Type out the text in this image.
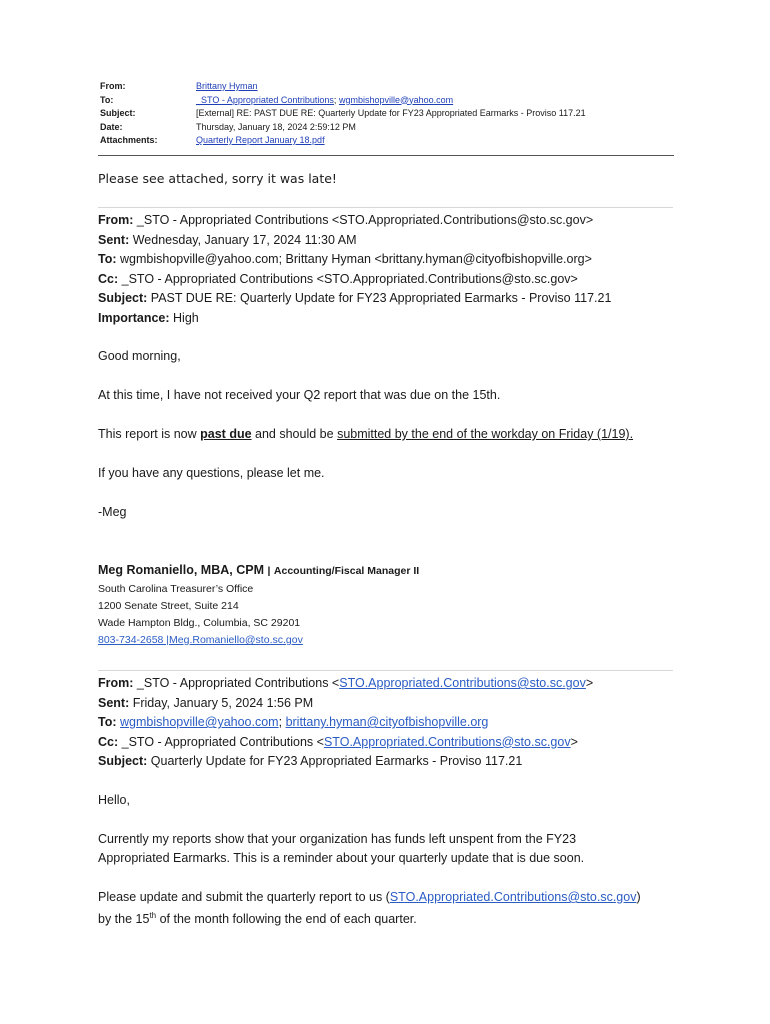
From:	Brittany Hyman
To:	_STO - Appropriated Contributions; wgmbishopville@yahoo.com
Subject:	[External] RE: PAST DUE RE: Quarterly Update for FY23 Appropriated Earmarks - Proviso 117.21
Date:	Thursday, January 18, 2024 2:59:12 PM
Attachments:	Quarterly Report January 18.pdf
Please see attached, sorry it was late!
From: _STO - Appropriated Contributions <STO.Appropriated.Contributions@sto.sc.gov>
Sent: Wednesday, January 17, 2024 11:30 AM
To: wgmbishopville@yahoo.com; Brittany Hyman <brittany.hyman@cityofbishopville.org>
Cc: _STO - Appropriated Contributions <STO.Appropriated.Contributions@sto.sc.gov>
Subject: PAST DUE RE: Quarterly Update for FY23 Appropriated Earmarks - Proviso 117.21
Importance: High
Good morning,
At this time, I have not received your Q2 report that was due on the 15th.
This report is now past due and should be submitted by the end of the workday on Friday (1/19).
If you have any questions, please let me.
-Meg
Meg Romaniello, MBA, CPM | Accounting/Fiscal Manager II
South Carolina Treasurer’s Office
1200 Senate Street, Suite 214
Wade Hampton Bldg., Columbia, SC 29201
803-734-2658 |Meg.Romaniello@sto.sc.gov
From: _STO - Appropriated Contributions <STO.Appropriated.Contributions@sto.sc.gov>
Sent: Friday, January 5, 2024 1:56 PM
To: wgmbishopville@yahoo.com; brittany.hyman@cityofbishopville.org
Cc: _STO - Appropriated Contributions <STO.Appropriated.Contributions@sto.sc.gov>
Subject: Quarterly Update for FY23 Appropriated Earmarks - Proviso 117.21
Hello,
Currently my reports show that your organization has funds left unspent from the FY23
Appropriated Earmarks. This is a reminder about your quarterly update that is due soon.
Please update and submit the quarterly report to us (STO.Appropriated.Contributions@sto.sc.gov)
by the 15th of the month following the end of each quarter.
